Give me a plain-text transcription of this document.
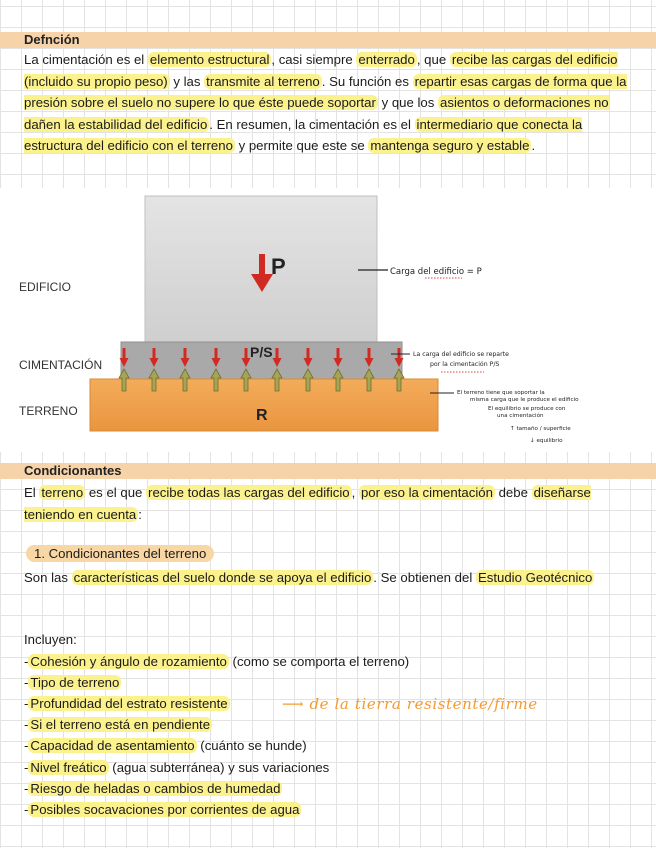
Defnción
La cimentación es el elemento estructural , casi siempre enterrado , que recibe las cargas del edificio (incluido su propio peso) y las transmite al terreno . Su función es repartir esas cargas de forma que la presión sobre el suelo no supere lo que éste puede soportar y que los asientos o deformaciones no dañen la estabilidad del edificio . En resumen, la cimentación es el intermediario que conecta la estructura del edificio con el terreno y permite que este se mantenga seguro y estable .
P
P/S
R
EDIFICIO
CIMENTACIÓN
TERRENO
Carga del edificio = P
La carga del edificio se reparte
por la cimentación P/S
El terreno tiene que soportar la
misma carga que le produce el edificio
El equilibrio se produce con
una cimentación
↑ tamaño / superficie
↓ equilibrio
Condicionantes
El terreno es el que recibe todas las cargas del edificio , por eso la cimentación debe diseñarse teniendo en cuenta :
1. Condicionantes del terreno
Son las características del suelo donde se apoya el edificio . Se obtienen del Estudio Geotécnico
Incluyen:
- Cohesión y ángulo de rozamiento (como se comporta el terreno)
- Tipo de terreno
- Profundidad del estrato resistente
- Si el terreno está en pendiente
- Capacidad de asentamiento (cuánto se hunde)
- Nivel freático (agua subterránea) y sus variaciones
- Riesgo de heladas o cambios de humedad
- Posibles socavaciones por corrientes de agua
⟶ de la tierra resistente/firme
